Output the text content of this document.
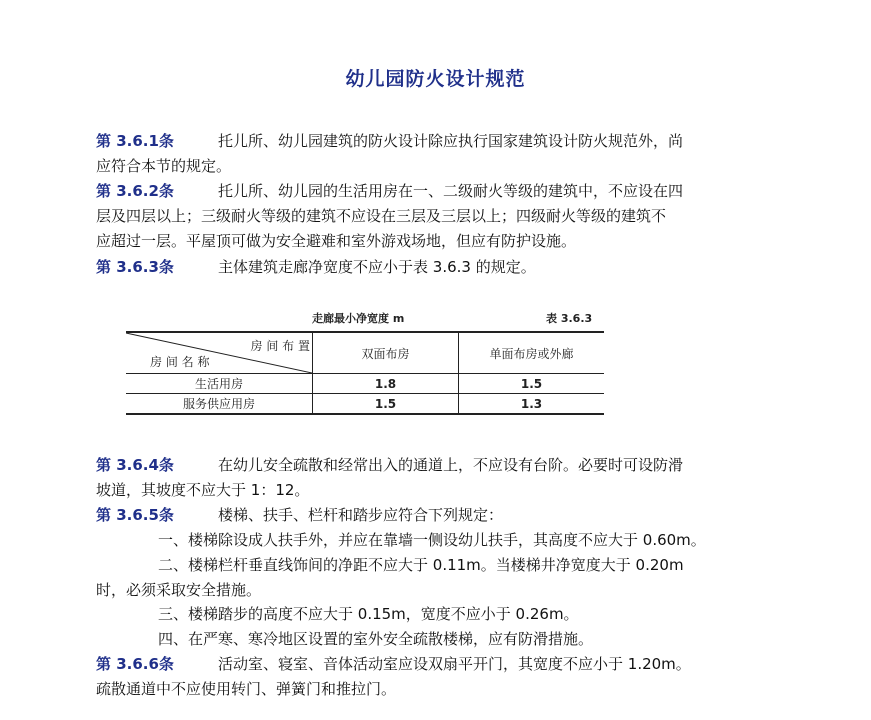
幼儿园防火设计规范
第 3.6.1条	托儿所、幼儿园建筑的防火设计除应执行国家建筑设计防火规范外，尚
应符合本节的规定。
第 3.6.2条	托儿所、幼儿园的生活用房在一、二级耐火等级的建筑中，不应设在四
层及四层以上；三级耐火等级的建筑不应设在三层及三层以上；四级耐火等级的建筑不
应超过一层。平屋顶可做为安全避难和室外游戏场地，但应有防护设施。
第 3.6.3条	主体建筑走廊净宽度不应小于表 3.6.3 的规定。
走廊最小净宽度 m	表 3.6.3
房 间 布 置
房 间 名 称	双面布房	单面布房或外廊
生活用房	1.8	1.5
服务供应用房	1.5	1.3
第 3.6.4条	在幼儿安全疏散和经常出入的通道上，不应设有台阶。必要时可设防滑
坡道，其坡度不应大于 1：12。
第 3.6.5条	楼梯、扶手、栏杆和踏步应符合下列规定：
一、楼梯除设成人扶手外，并应在靠墙一侧设幼儿扶手，其高度不应大于 0.60m。
二、楼梯栏杆垂直线饰间的净距不应大于 0.11m。当楼梯井净宽度大于 0.20m
时，必须采取安全措施。
三、楼梯踏步的高度不应大于 0.15m，宽度不应小于 0.26m。
四、在严寒、寒冷地区设置的室外安全疏散楼梯，应有防滑措施。
第 3.6.6条	活动室、寝室、音体活动室应设双扇平开门，其宽度不应小于 1.20m。
疏散通道中不应使用转门、弹簧门和推拉门。
